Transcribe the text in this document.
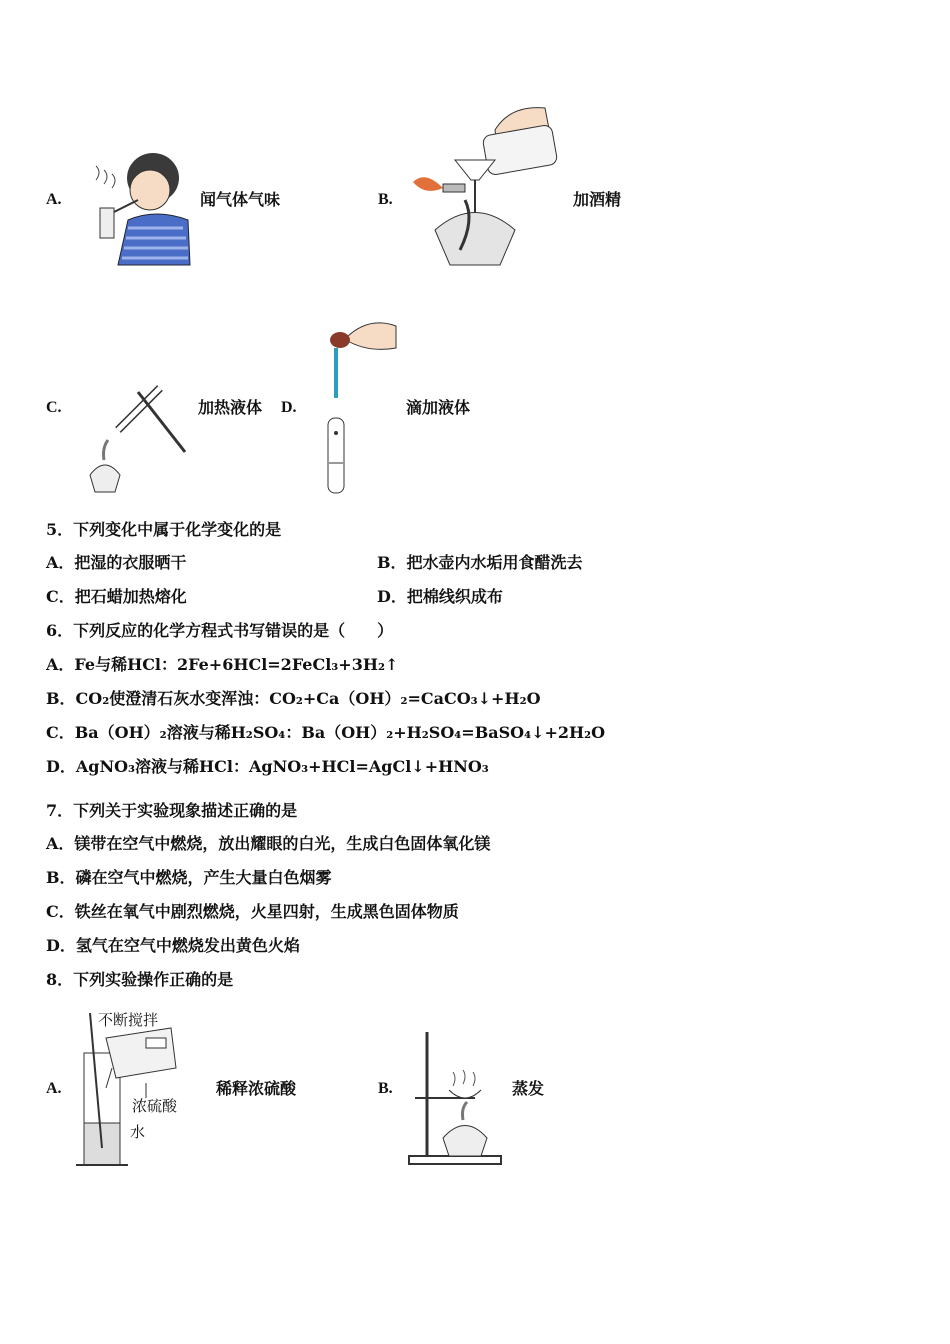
A.	闻气体气味	B.	加酒精
C.	加热液体 D.	滴加液体
5．下列变化中属于化学变化的是
A．把湿的衣服晒干	B．把水壶内水垢用食醋洗去
C．把石蜡加热熔化	D．把棉线织成布
6．下列反应的化学方程式书写错误的是（　　）
A．Fe与稀HCl：2Fe+6HCl=2FeCl₃+3H₂↑
B．CO₂使澄清石灰水变浑浊：CO₂+Ca（OH）₂=CaCO₃↓+H₂O
C．Ba（OH）₂溶液与稀H₂SO₄：Ba（OH）₂+H₂SO₄=BaSO₄↓+2H₂O
D．AgNO₃溶液与稀HCl：AgNO₃+HCl=AgCl↓+HNO₃
7．下列关于实验现象描述正确的是
A．镁带在空气中燃烧，放出耀眼的白光，生成白色固体氧化镁
B．磷在空气中燃烧，产生大量白色烟雾
C．铁丝在氧气中剧烈燃烧，火星四射，生成黑色固体物质
D．氢气在空气中燃烧发出黄色火焰
8．下列实验操作正确的是
A.
不断搅拌
浓硫酸
水
稀释浓硫酸	B.	蒸发
